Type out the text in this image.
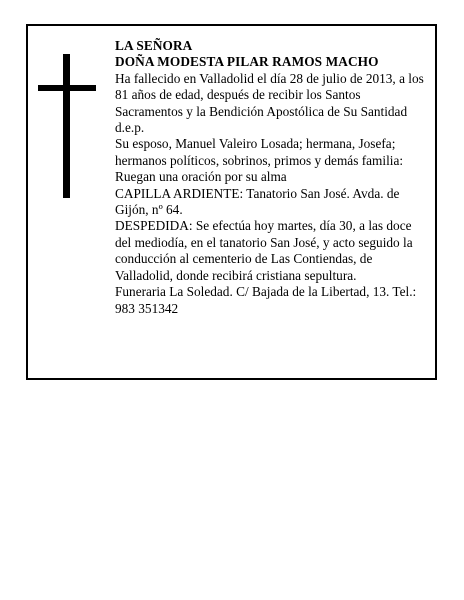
LA SEÑORA

DOÑA MODESTA PILAR RAMOS MACHO

Ha fallecido en Valladolid el día 28 de julio de 2013, a los 81 años de edad, después de recibir los Santos Sacramentos y la Bendición Apostólica de Su Santidad d.e.p.

Su esposo, Manuel Valeiro Losada; hermana, Josefa; hermanos políticos, sobrinos, primos y demás familia:

Ruegan una oración por su alma

CAPILLA ARDIENTE: Tanatorio San José. Avda. de Gijón, nº 64.

DESPEDIDA: Se efectúa hoy martes, día 30, a las doce del mediodía, en el tanatorio San José, y acto seguido la conducción al cementerio de Las Contiendas, de Valladolid, donde recibirá cristiana sepultura.

Funeraria La Soledad. C/ Bajada de la Libertad, 13. Tel.: 983 351342
